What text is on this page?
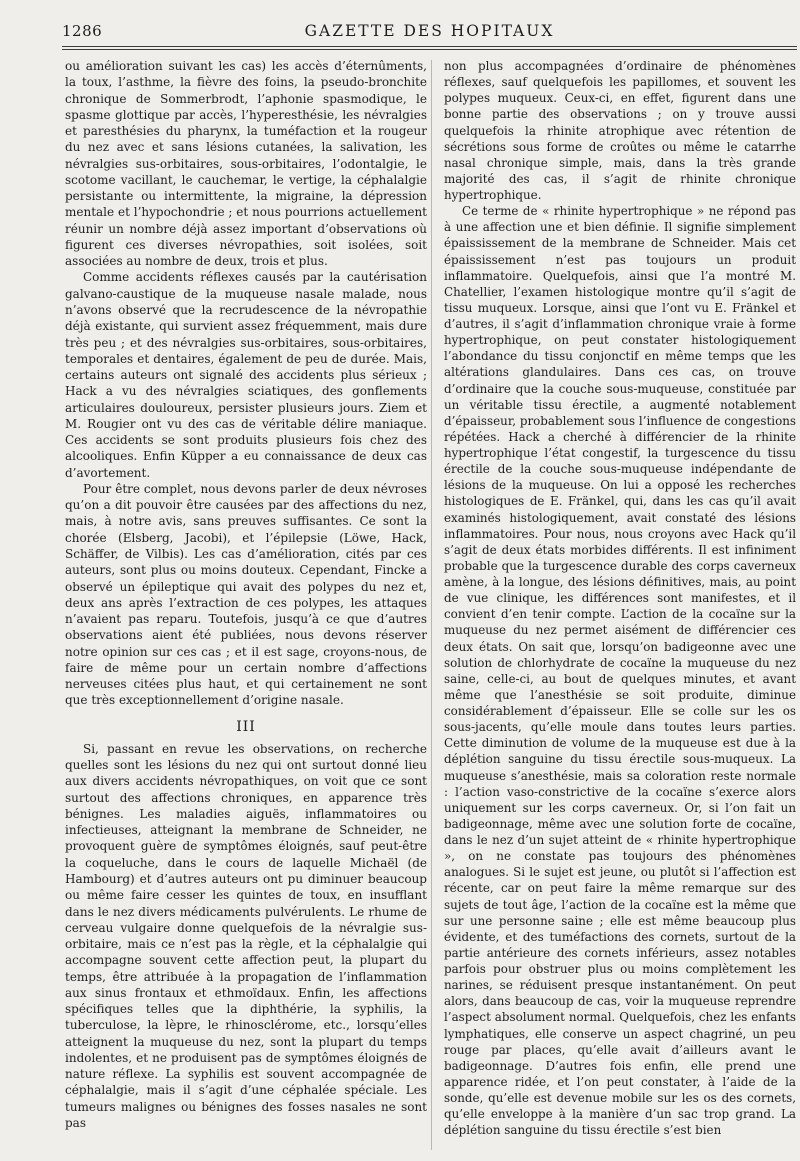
1286	GAZETTE DES HOPITAUX

ou amélioration suivant les cas) les accès d’éternûments, la toux, l’asthme, la fièvre des foins, la pseudo-bronchite chronique de Sommerbrodt, l’aphonie spasmodique, le spasme glottique par accès, l’hyperesthésie, les névralgies et paresthésies du pharynx, la tuméfaction et la rougeur du nez avec et sans lésions cutanées, la salivation, les névralgies sus-orbitaires, sous-orbitaires, l’odontalgie, le scotome vacillant, le cauchemar, le vertige, la céphalalgie persistante ou intermittente, la migraine, la dépression mentale et l’hypochondrie ; et nous pourrions actuellement réunir un nombre déjà assez important d’observations où figurent ces diverses névropathies, soit isolées, soit associées au nombre de deux, trois et plus.

Comme accidents réflexes causés par la cautérisation galvano-caustique de la muqueuse nasale malade, nous n’avons observé que la recrudescence de la névropathie déjà existante, qui survient assez fréquemment, mais dure très peu ; et des névralgies sus-orbitaires, sous-orbitaires, temporales et dentaires, également de peu de durée. Mais, certains auteurs ont signalé des accidents plus sérieux ; Hack a vu des névralgies sciatiques, des gonflements articulaires douloureux, persister plusieurs jours. Ziem et M. Rougier ont vu des cas de véritable délire maniaque. Ces accidents se sont produits plusieurs fois chez des alcooliques. Enfin Küpper a eu connaissance de deux cas d’avortement.

Pour être complet, nous devons parler de deux névroses qu’on a dit pouvoir être causées par des affections du nez, mais, à notre avis, sans preuves suffisantes. Ce sont la chorée (Elsberg, Jacobi), et l’épilepsie (Löwe, Hack, Schäffer, de Vilbis). Les cas d’amélioration, cités par ces auteurs, sont plus ou moins douteux. Cependant, Fincke a observé un épileptique qui avait des polypes du nez et, deux ans après l’extraction de ces polypes, les attaques n’avaient pas reparu. Toutefois, jusqu’à ce que d’autres observations aient été publiées, nous devons réserver notre opinion sur ces cas ; et il est sage, croyons-nous, de faire de même pour un certain nombre d’affections nerveuses citées plus haut, et qui certainement ne sont que très exceptionnellement d’origine nasale.

III

Si, passant en revue les observations, on recherche quelles sont les lésions du nez qui ont surtout donné lieu aux divers accidents névropathiques, on voit que ce sont surtout des affections chroniques, en apparence très bénignes. Les maladies aiguës, inflammatoires ou infectieuses, atteignant la membrane de Schneider, ne provoquent guère de symptômes éloignés, sauf peut-être la coqueluche, dans le cours de laquelle Michaël (de Hambourg) et d’autres auteurs ont pu diminuer beaucoup ou même faire cesser les quintes de toux, en insufflant dans le nez divers médicaments pulvérulents. Le rhume de cerveau vulgaire donne quelquefois de la névralgie sus-orbitaire, mais ce n’est pas la règle, et la céphalalgie qui accompagne souvent cette affection peut, la plupart du temps, être attribuée à la propagation de l’inflammation aux sinus frontaux et ethmoïdaux. Enfin, les affections spécifiques telles que la diphthérie, la syphilis, la tuberculose, la lèpre, le rhinosclérome, etc., lorsqu’elles atteignent la muqueuse du nez, sont la plupart du temps indolentes, et ne produisent pas de symptômes éloignés de nature réflexe. La syphilis est souvent accompagnée de céphalalgie, mais il s’agit d’une céphalée spéciale. Les tumeurs malignes ou bénignes des fosses nasales ne sont pas

non plus accompagnées d’ordinaire de phénomènes réflexes, sauf quelquefois les papillomes, et souvent les polypes muqueux. Ceux-ci, en effet, figurent dans une bonne partie des observations ; on y trouve aussi quelquefois la rhinite atrophique avec rétention de sécrétions sous forme de croûtes ou même le catarrhe nasal chronique simple, mais, dans la très grande majorité des cas, il s’agit de rhinite chronique hypertrophique.

Ce terme de « rhinite hypertrophique » ne répond pas à une affection une et bien définie. Il signifie simplement épaississement de la membrane de Schneider. Mais cet épaississement n’est pas toujours un produit inflammatoire. Quelquefois, ainsi que l’a montré M. Chatellier, l’examen histologique montre qu’il s’agit de tissu muqueux. Lorsque, ainsi que l’ont vu E. Fränkel et d’autres, il s’agit d’inflammation chronique vraie à forme hypertrophique, on peut constater histologiquement l’abondance du tissu conjonctif en même temps que les altérations glandulaires. Dans ces cas, on trouve d’ordinaire que la couche sous-muqueuse, constituée par un véritable tissu érectile, a augmenté notablement d’épaisseur, probablement sous l’influence de congestions répétées. Hack a cherché à différencier de la rhinite hypertrophique l’état congestif, la turgescence du tissu érectile de la couche sous-muqueuse indépendante de lésions de la muqueuse. On lui a opposé les recherches histologiques de E. Fränkel, qui, dans les cas qu’il avait examinés histologiquement, avait constaté des lésions inflammatoires. Pour nous, nous croyons avec Hack qu’il s’agit de deux états morbides différents. Il est infiniment probable que la turgescence durable des corps caverneux amène, à la longue, des lésions définitives, mais, au point de vue clinique, les différences sont manifestes, et il convient d’en tenir compte. L’action de la cocaïne sur la muqueuse du nez permet aisément de différencier ces deux états. On sait que, lorsqu’on badigeonne avec une solution de chlorhydrate de cocaïne la muqueuse du nez saine, celle-ci, au bout de quelques minutes, et avant même que l’anesthésie se soit produite, diminue considérablement d’épaisseur. Elle se colle sur les os sous-jacents, qu’elle moule dans toutes leurs parties. Cette diminution de volume de la muqueuse est due à la déplétion sanguine du tissu érectile sous-muqueux. La muqueuse s’anesthésie, mais sa coloration reste normale : l’action vaso-constrictive de la cocaïne s’exerce alors uniquement sur les corps caverneux. Or, si l’on fait un badigeonnage, même avec une solution forte de cocaïne, dans le nez d’un sujet atteint de « rhinite hypertrophique », on ne constate pas toujours des phénomènes analogues. Si le sujet est jeune, ou plutôt si l’affection est récente, car on peut faire la même remarque sur des sujets de tout âge, l’action de la cocaïne est la même que sur une personne saine ; elle est même beaucoup plus évidente, et des tuméfactions des cornets, surtout de la partie antérieure des cornets inférieurs, assez notables parfois pour obstruer plus ou moins complètement les narines, se réduisent presque instantanément. On peut alors, dans beaucoup de cas, voir la muqueuse reprendre l’aspect absolument normal. Quelquefois, chez les enfants lymphatiques, elle conserve un aspect chagriné, un peu rouge par places, qu’elle avait d’ailleurs avant le badigeonnage. D’autres fois enfin, elle prend une apparence ridée, et l’on peut constater, à l’aide de la sonde, qu’elle est devenue mobile sur les os des cornets, qu’elle enveloppe à la manière d’un sac trop grand. La déplétion sanguine du tissu érectile s’est bien
